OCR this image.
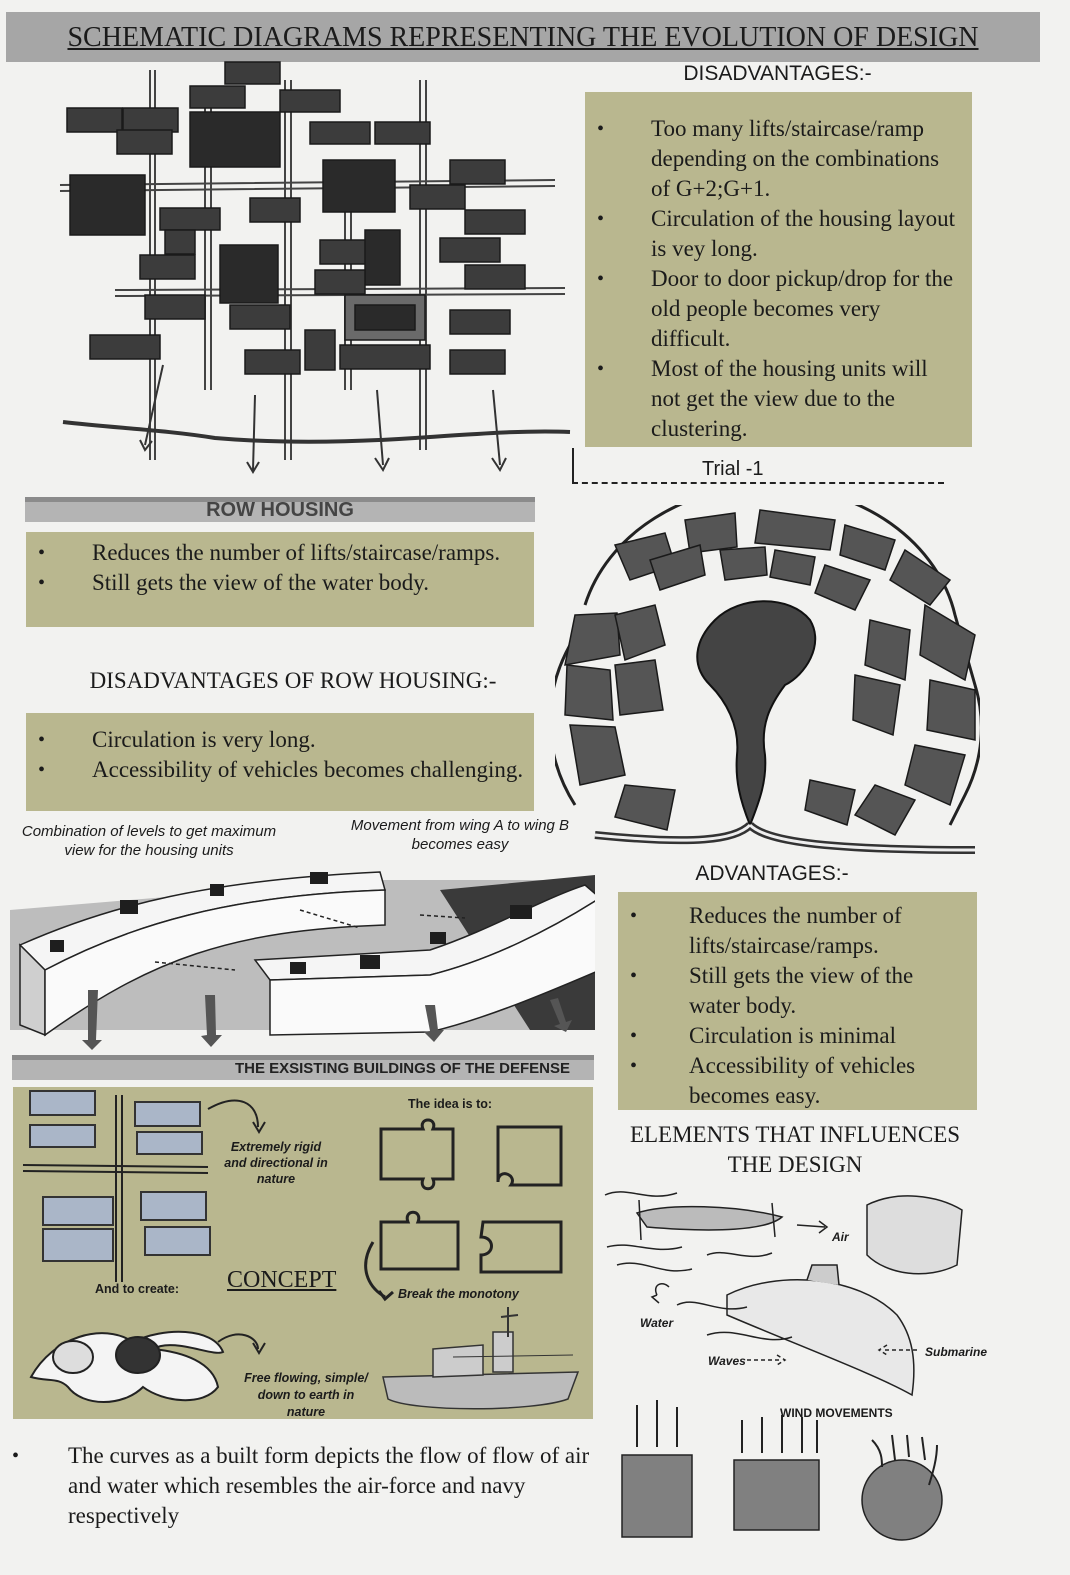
SCHEMATIC DIAGRAMS REPRESENTING THE EVOLUTION OF DESIGN
DISADVANTAGES:-
• Too many lifts/staircase/ramp depending on the combinations of G+2;G+1.
• Circulation of the housing layout is vey long.
• Door to door pickup/drop for the old people becomes very difficult.
• Most of the housing units will not get the view due to the clustering.
Trial -1
ROW HOUSING
• Reduces the number of lifts/staircase/ramps.
• Still gets the view of the water body.
DISADVANTAGES OF ROW HOUSING:-
• Circulation is very long.
• Accessibility of vehicles becomes challenging.
ADVANTAGES:-
• Reduces the number of lifts/staircase/ramps.
• Still gets the view of the water body.
• Circulation is minimal
• Accessibility of vehicles becomes easy.
Combination of levels to get maximum view for the housing units
Movement from wing A to wing B becomes easy
THE EXSISTING BUILDINGS OF THE DEFENSE
Extremely rigid and directional in nature
The idea is to:
Break the monotony
And to create: CONCEPT
Free flowing, simple/ down to earth in nature
ELEMENTS THAT INFLUENCES THE DESIGN
Air
Water
Waves
Submarine
WIND MOVEMENTS
• The curves as a built form depicts the flow of flow of air and water which resembles the air-force and navy respectively
